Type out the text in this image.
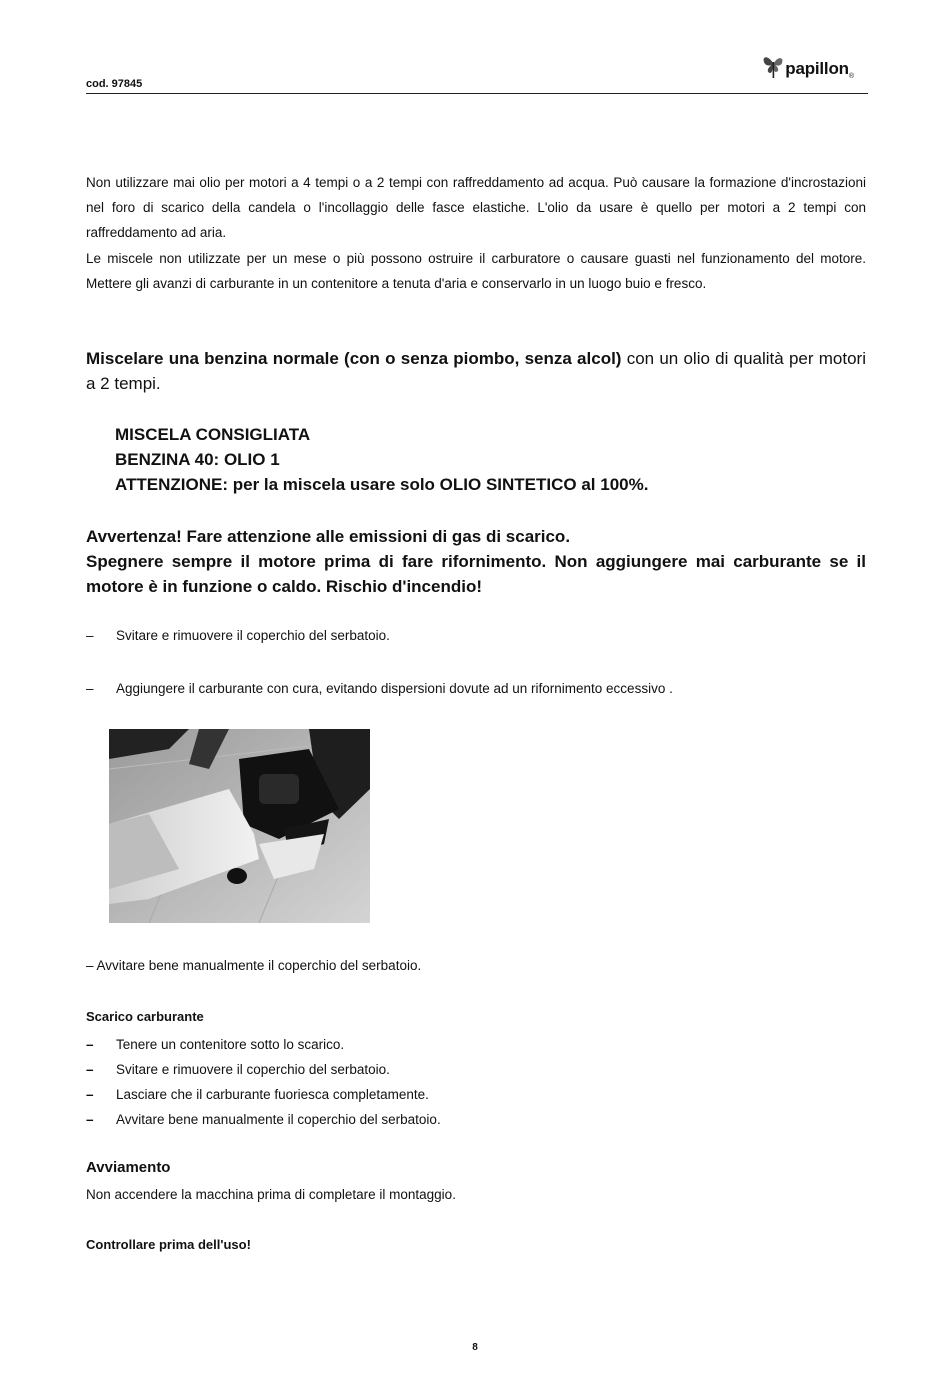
cod. 97845
papillon ®

Non utilizzare mai olio per motori a 4 tempi o a 2 tempi con raffreddamento ad acqua. Può causare la formazione d'incrostazioni nel foro di scarico della candela o l'incollaggio delle fasce elastiche. L'olio da usare è quello per motori a 2 tempi con raffreddamento ad aria.

Le miscele non utilizzate per un mese o più possono ostruire il carburatore o causare guasti nel funzionamento del motore. Mettere gli avanzi di carburante in un contenitore a tenuta d'aria e conservarlo in un luogo buio e fresco.

Miscelare una benzina normale (con o senza piombo, senza alcol) con un olio di qualità per motori a 2 tempi.

MISCELA CONSIGLIATA
BENZINA 40: OLIO 1
ATTENZIONE: per la miscela usare solo OLIO SINTETICO al 100%.

Avvertenza! Fare attenzione alle emissioni di gas di scarico.

Spegnere sempre il motore prima di fare rifornimento. Non aggiungere mai carburante se il motore è in funzione o caldo. Rischio d'incendio!

–	Svitare e rimuovere il coperchio del serbatoio.
–	Aggiungere il carburante con cura, evitando dispersioni dovute ad un rifornimento eccessivo .
– Avvitare bene manualmente il coperchio del serbatoio.
Scarico carburante
–	Tenere un contenitore sotto lo scarico.
–	Svitare e rimuovere il coperchio del serbatoio.
–	Lasciare che il carburante fuoriesca completamente.
–	Avvitare bene manualmente il coperchio del serbatoio.
Avviamento
Non accendere la macchina prima di completare il montaggio.
Controllare prima dell'uso!
8
